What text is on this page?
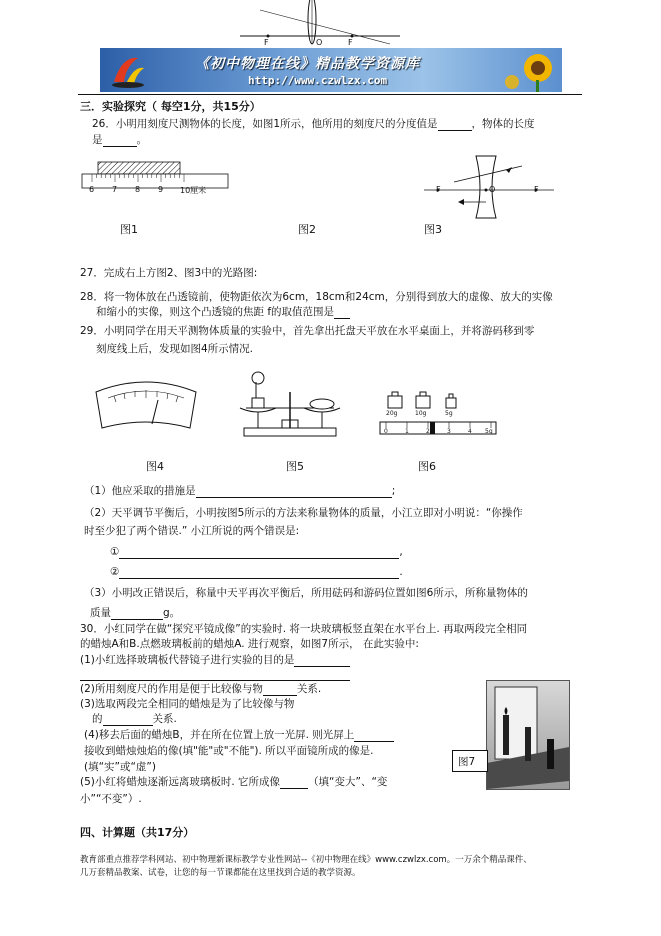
F	O	F
《初中物理在线》精品教学资源库
http://www.czwlzx.com
三．实验探究（ 每空1分，共15分）
26．小明用刻度尺测物体的长度，如图1所示，他所用的刻度尺的分度值是	，物体的长度
是	。
6 7 8 9 10厘米	F	O	F
图1	图2	图3
27．完成右上方图2、图3中的光路图:
28．将一物体放在凸透镜前，使物距依次为6cm，18cm和24cm，分别得到放大的虚像、放大的实像
和缩小的实像，则这个凸透镜的焦距 f的取值范围是
29．小明同学在用天平测物体质量的实验中，首先拿出托盘天平放在水平桌面上，并将游码移到零
刻度线上后，发现如图4所示情况.
20g	10g	5g
0	1	2	3	4 5g
图4	图5	图6
（1）他应采取的措施是	;
（2）天平调节平衡后，小明按图5所示的方法来称量物体的质量，小江立即对小明说：“你操作
时至少犯了两个错误.” 小江所说的两个错误是:
①	,
②	.
（3）小明改正错误后，称量中天平再次平衡后，所用砝码和游码位置如图6所示，所称量物体的
质量	g。
30．小红同学在做“探究平镜成像”的实验时. 将一块玻璃板竖直架在水平台上. 再取两段完全相同
的蜡烛A和B.点燃玻璃板前的蜡烛A. 进行观察，如图7所示， 在此实验中:
(1)小红选择玻璃板代替镜子进行实验的目的是
(2)所用刻度尺的作用是便于比较像与物	关系.
(3)选取两段完全相同的蜡烛是为了比较像与物
的	关系.
(4)移去后面的蜡烛B，并在所在位置上放一光屏. 则光屏上
接收到蜡烛烛焰的像(填"能"或"不能"). 所以平面镜所成的像是.
(填“实”或“虚”)
(5)小红将蜡烛逐渐远离玻璃板时. 它所成像	（填“变大”、“变
小”“不变”）.
图7
四、计算题（共17分）
教育部重点推荐学科网站、初中物理新课标教学专业性网站--《初中物理在线》www.czwlzx.com。一万余个精品课件、
几万套精品教案、试卷，让您的每一节课都能在这里找到合适的教学资源。
